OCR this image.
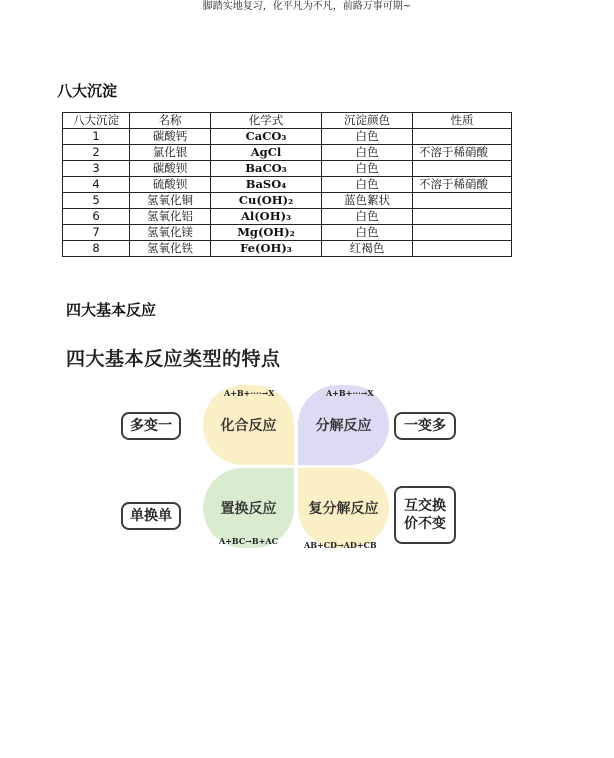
脚踏实地复习，化平凡为不凡，前路万事可期~
八大沉淀
八大沉淀	名称	化学式	沉淀颜色	性质
1	碳酸钙	CaCO₃	白色	
2	氯化银	AgCl	白色	不溶于稀硝酸
3	碳酸钡	BaCO₃	白色	
4	硫酸钡	BaSO₄	白色	不溶于稀硝酸
5	氢氧化铜	Cu(OH)₂	蓝色絮状	
6	氢氧化铝	Al(OH)₃	白色	
7	氢氧化镁	Mg(OH)₂	白色	
8	氢氧化铁	Fe(OH)₃	红褐色	
四大基本反应
四大基本反应类型的特点
多变一	一变多
单换单
互交换价不变
化合反应	分解反应
置换反应 复分解反应
A+B+····→X	A+B+···→X
A+BC→B+AC	AB+CD→AD+CB
